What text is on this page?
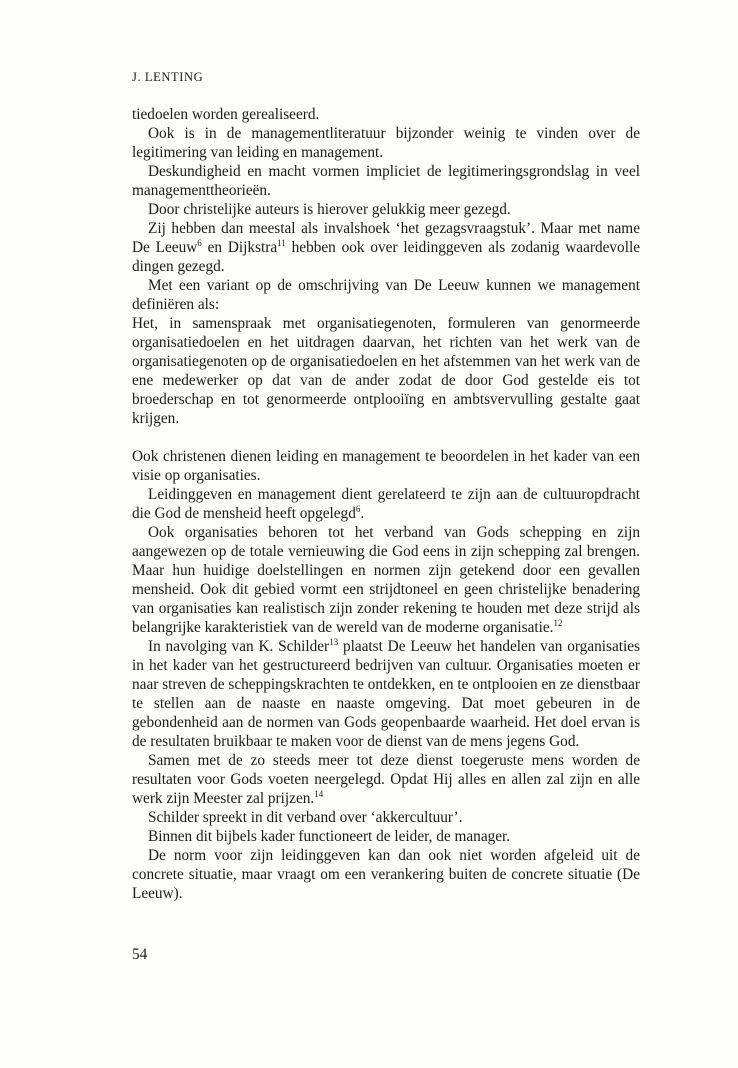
J. LENTING

tiedoelen worden gerealiseerd.

Ook is in de managementliteratuur bijzonder weinig te vinden over de legitimering van leiding en management.

Deskundigheid en macht vormen impliciet de legitimeringsgrondslag in veel managementtheorieën.

Door christelijke auteurs is hierover gelukkig meer gezegd.

Zij hebben dan meestal als invalshoek ‘het gezagsvraagstuk’. Maar met name De Leeuw$^6$ en Dijkstra$^{11}$ hebben ook over leidinggeven als zodanig waardevolle dingen gezegd.

Met een variant op de omschrijving van De Leeuw kunnen we management definiëren als:

Het, in samenspraak met organisatiegenoten, formuleren van genormeerde organisatiedoelen en het uitdragen daarvan, het richten van het werk van de organisatiegenoten op de organisatiedoelen en het afstemmen van het werk van de ene medewerker op dat van de ander zodat de door God gestelde eis tot broederschap en tot genormeerde ontplooiïng en ambtsvervulling gestalte gaat krijgen.

Ook christenen dienen leiding en management te beoordelen in het kader van een visie op organisaties.

Leidinggeven en management dient gerelateerd te zijn aan de cultuuropdracht die God de mensheid heeft opgelegd$^6$.

Ook organisaties behoren tot het verband van Gods schepping en zijn aangewezen op de totale vernieuwing die God eens in zijn schepping zal brengen. Maar hun huidige doelstellingen en normen zijn getekend door een gevallen mensheid. Ook dit gebied vormt een strijdtoneel en geen christelijke benadering van organisaties kan realistisch zijn zonder rekening te houden met deze strijd als belangrijke karakteristiek van de wereld van de moderne organisatie.$^{12}$

In navolging van K. Schilder$^{13}$ plaatst De Leeuw het handelen van organisaties in het kader van het gestructureerd bedrijven van cultuur. Organisaties moeten er naar streven de scheppingskrachten te ontdekken, en te ontplooien en ze dienstbaar te stellen aan de naaste en naaste omgeving. Dat moet gebeuren in de gebondenheid aan de normen van Gods geopenbaarde waarheid. Het doel ervan is de resultaten bruikbaar te maken voor de dienst van de mens jegens God.

Samen met de zo steeds meer tot deze dienst toegeruste mens worden de resultaten voor Gods voeten neergelegd. Opdat Hij alles en allen zal zijn en alle werk zijn Meester zal prijzen.$^{14}$

Schilder spreekt in dit verband over ‘akkercultuur’.

Binnen dit bijbels kader functioneert de leider, de manager.

De norm voor zijn leidinggeven kan dan ook niet worden afgeleid uit de concrete situatie, maar vraagt om een verankering buiten de concrete situatie (De Leeuw).

54
